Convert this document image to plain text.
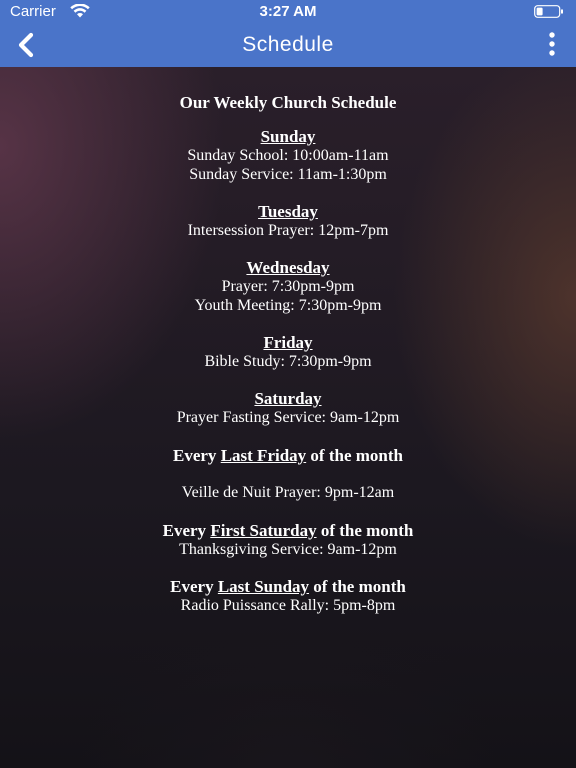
Carrier	3:27 AM
Schedule
Our Weekly Church Schedule
Sunday
Sunday School: 10:00am-11am
Sunday Service: 11am-1:30pm
Tuesday
Intersession Prayer: 12pm-7pm
Wednesday
Prayer: 7:30pm-9pm
Youth Meeting: 7:30pm-9pm
Friday
Bible Study: 7:30pm-9pm
Saturday
Prayer Fasting Service: 9am-12pm
Every Last Friday of the month
Veille de Nuit Prayer: 9pm-12am
Every First Saturday of the month
Thanksgiving Service: 9am-12pm
Every Last Sunday of the month
Radio Puissance Rally: 5pm-8pm
